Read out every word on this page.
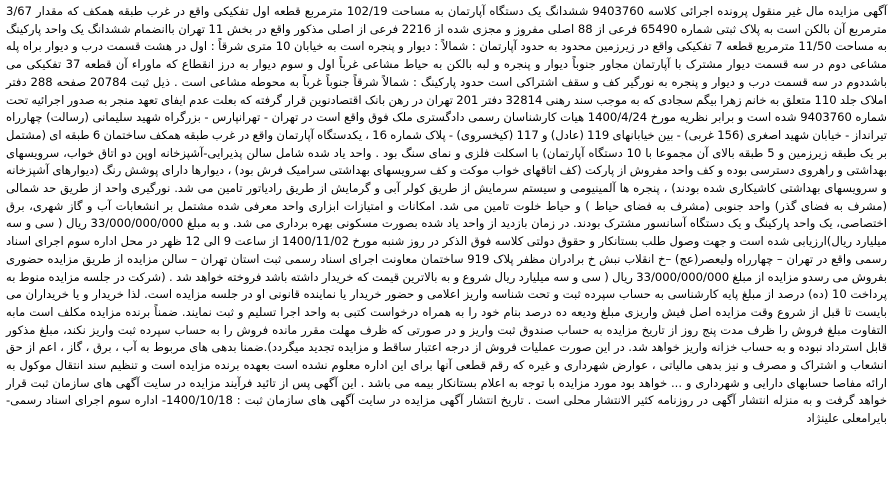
آگهی مزایده مال غیر منقول پرونده اجرائی کلاسه 9403760 ششدانگ یک دستگاه آپارتمان به مساحت 102/19 مترمربع قطعه اول تفکیکی واقع در غرب طبقه همکف که مقدار 3/67 مترمربع آن بالکن است به پلاک ثبتی شماره 65490 فرعی از 88 اصلی مفروز و مجزی شده از 2216 فرعی از اصلی مذکور واقع در بخش 11 تهران باانضمام ششدانگ یک واحد پارکینگ به مساحت 11/50 مترمربع قطعه 7 تفکیکی واقع در زیرزمین محدود به حدود آپارتمان : شمالاً : دیوار و پنجره است به خیابان 10 متری شرقاً : اول در هشت قسمت درب و دیوار براه پله مشاعی دوم در سه قسمت دیوار مشترک با آپارتمان مجاور جنوباً دیوار و پنجره و لبه بالکن به حیاط مشاعی غرباً اول و سوم دیوار به درز انقطاع که ماوراء آن قطعه 37 تفکیکی می باشددوم در سه قسمت درب و دیوار و پنجره به نورگیر کف و سقف اشتراکی است حدود پارکینگ : شمالاً شرقاً جنوباً غرباً به محوطه مشاعی است . ذیل ثبت 20784 صفحه 288 دفتر املاک جلد 110 متعلق به خانم زهرا بیگم سجادی که به موجب سند رهنی 32814 دفتر 201 تهران در رهن بانک اقتصادنوین قرار گرفته که بعلت عدم ایفای تعهد منجر به صدور اجرائیه تحت شماره 9403760 شده است و برابر نظریه مورخ 1400/4/24 هیات کارشناسان رسمی دادگستری ملک فوق واقع است در تهران - تهرانپارس - بزرگراه شهید سلیمانی (رسالت) چهارراه تیرانداز - خیابان شهید اصغری (156 غربی) - بین خیابانهای 119 (عادل) و 117 (کیخسروی) - پلاک شماره 16 ، یکدستگاه آپارتمان واقع در غرب طبقه همکف ساختمان 6 طبقه ای (مشتمل بر یک طبقه زیرزمین و 5 طبقه بالای آن مجموعا با 10 دستگاه آپارتمان) با اسکلت فلزی و نمای سنگ بود . واحد یاد شده شامل سالن پذیرایی-آشپزخانه اوپن دو اتاق خواب، سرویسهای بهداشتی و راهروی دسترسی بوده و کف واحد مفروش از پارکت (کف اتاقهای خواب موکت و کف سرویسهای بهداشتی سرامیک فرش بود) ، دیوارها دارای پوشش رنگ (دیوارهای آشپزخانه و سرویسهای بهداشتی کاشیکاری شده بودند) ، پنجره ها آلمینیومی و سیستم سرمایش از طریق کولر آبی و گرمایش از طریق رادیاتور تامین می شد. نورگیری واحد از طریق حد شمالی (مشرف به فضای گذر) واحد جنوبی (مشرف به فضای حیاط ) و حیاط خلوت تامین می شد. امکانات و امتیازات ابزاری واحد معرفی شده مشتمل بر انشعابات آب و گاز شهری، برق اختصاصی، یک واحد پارکینگ و یک دستگاه آسانسور مشترک بودند. در زمان بازدید از واحد یاد شده بصورت مسکونی بهره برداری می شد. و به مبلغ 33/000/000/000 ریال ( سی و سه میلیارد ریال)ارزیابی شده است و جهت وصول طلب بستانکار و حقوق دولتی کلاسه فوق الذکر در روز شنبه مورخ 1400/11/02 از ساعت 9 الی 12 ظهر در محل اداره سوم اجرای اسناد رسمی واقع در تهران – چهارراه ولیعصر(عج) –خ انقلاب نبش خ برادران مظفر پلاک 919 ساختمان معاونت اجرای اسناد رسمی ثبت استان تهران – سالن مزایده از طریق مزایده حضوری بفروش می رسدو مزایده از مبلغ 33/000/000/000 ریال ( سی و سه میلیارد ریال شروع و به بالاترین قیمت که خریدار داشته باشد فروخته خواهد شد . (شرکت در جلسه مزایده منوط به پرداخت 10 (ده) درصد از مبلغ پایه کارشناسی به حساب سپرده ثبت و تحت شناسه واریز اعلامی و حضور خریدار یا نماینده قانونی او در جلسه مزایده است. لذا خریدار و یا خریداران می بایست تا قبل از شروع وقت مزایده اصل فیش واریزی مبلغ ودیعه ده درصد بنام خود را به همراه درخواست کتبی به واحد اجرا تسلیم و ثبت نمایند. ضمناً برنده مزایده مکلف است مابه التفاوت مبلغ فروش را ظرف مدت پنج روز از تاریخ مزایده به حساب صندوق ثبت واریز و در صورتی که ظرف مهلت مقرر مانده فروش را به حساب سپرده ثبت واریز نکند، مبلغ مذکور قابل استرداد نبوده و به حساب خزانه واریز خواهد شد. در این صورت عملیات فروش از درجه اعتبار ساقط و مزایده تجدید میگردد).ضمنا بدهی های مربوط به آب ، برق ، گاز ، اعم از حق انشعاب و اشتراک و مصرف و نیز بدهی مالیاتی ، عوارض شهرداری و غیره که رقم قطعی آنها برای این اداره معلوم نشده است بعهده برنده مزایده است و تنظیم سند انتقال موکول به ارائه مفاصا حسابهای دارایی و شهرداری و ... خواهد بود مورد مزایده با توجه به اعلام بستانکار بیمه می باشد . این آگهی پس از تائید فرآیند مزایده در سایت آگهی های سازمان ثبت قرار خواهد گرفت و به منزله انتشار آگهی در روزنامه کثیر الانتشار محلی است . تاریخ انتشار آگهی مزایده در سایت آگهی های سازمان ثبت : 1400/10/18- اداره سوم اجرای اسناد رسمی- بایرامعلی علینژاد
